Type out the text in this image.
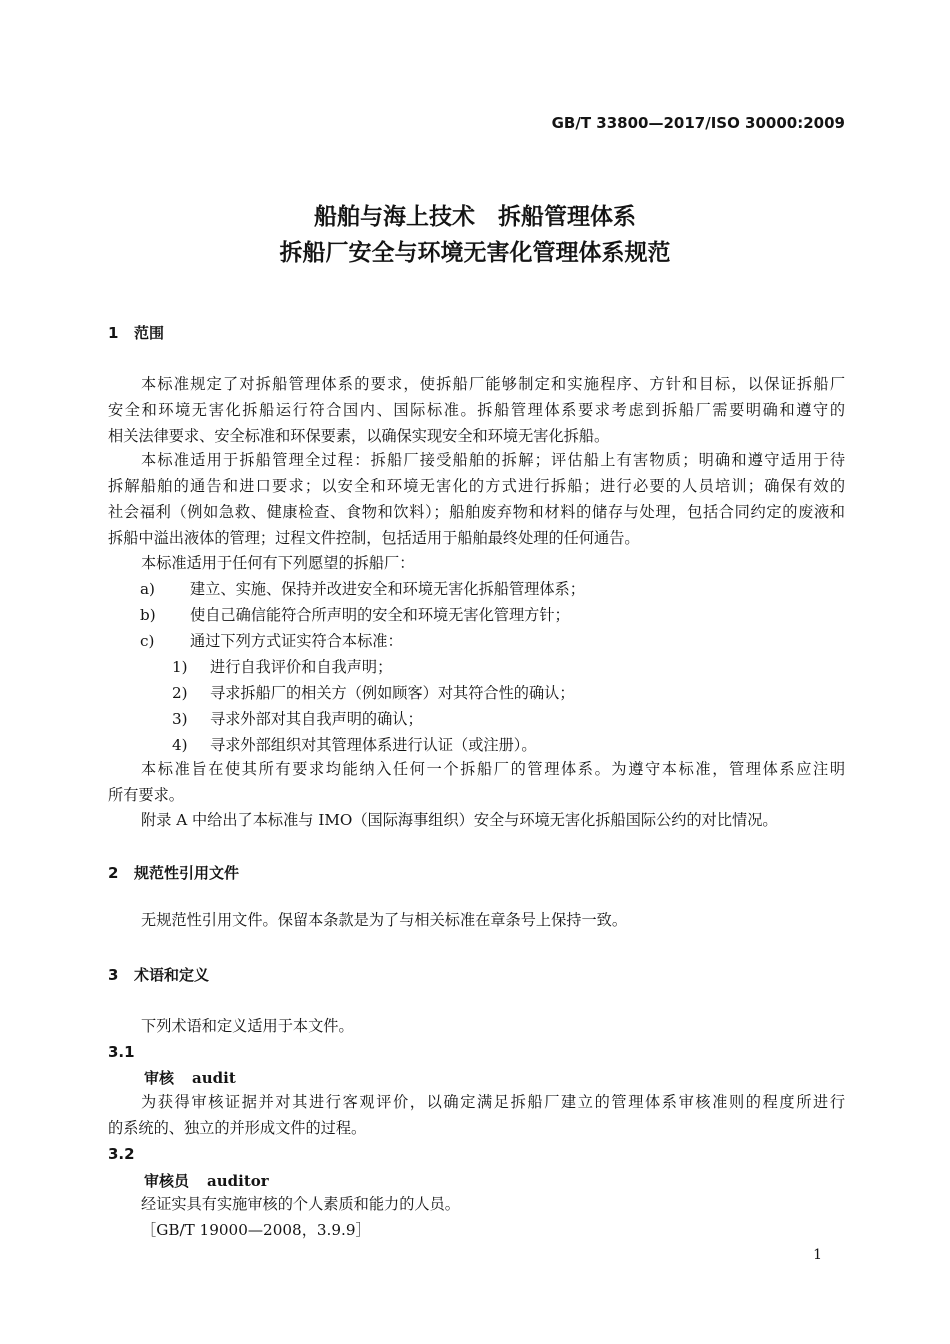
GB/T 33800—2017/ISO 30000:2009
船舶与海上技术　拆船管理体系
拆船厂安全与环境无害化管理体系规范
1 范围
本标准规定了对拆船管理体系的要求，使拆船厂能够制定和实施程序、方针和目标，以保证拆船厂
安全和环境无害化拆船运行符合国内、国际标准。拆船管理体系要求考虑到拆船厂需要明确和遵守的
相关法律要求、安全标准和环保要素，以确保实现安全和环境无害化拆船。
本标准适用于拆船管理全过程：拆船厂接受船舶的拆解；评估船上有害物质；明确和遵守适用于待
拆解船舶的通告和进口要求；以安全和环境无害化的方式进行拆船；进行必要的人员培训；确保有效的
社会福利（例如急救、健康检查、食物和饮料）；船舶废弃物和材料的储存与处理，包括合同约定的废液和
拆船中溢出液体的管理；过程文件控制，包括适用于船舶最终处理的任何通告。
本标准适用于任何有下列愿望的拆船厂：
a) 建立、实施、保持并改进安全和环境无害化拆船管理体系；
b) 使自己确信能符合所声明的安全和环境无害化管理方针；
c) 通过下列方式证实符合本标准：
1) 进行自我评价和自我声明；
2) 寻求拆船厂的相关方（例如顾客）对其符合性的确认；
3) 寻求外部对其自我声明的确认；
4) 寻求外部组织对其管理体系进行认证（或注册）。
本标准旨在使其所有要求均能纳入任何一个拆船厂的管理体系。为遵守本标准，管理体系应注明
所有要求。
附录 A 中给出了本标准与 IMO（国际海事组织）安全与环境无害化拆船国际公约的对比情况。
2 规范性引用文件
无规范性引用文件。保留本条款是为了与相关标准在章条号上保持一致。
3 术语和定义
下列术语和定义适用于本文件。
3.1
审核 audit
为获得审核证据并对其进行客观评价，以确定满足拆船厂建立的管理体系审核准则的程度所进行
的系统的、独立的并形成文件的过程。
3.2
审核员 auditor
经证实具有实施审核的个人素质和能力的人员。
［GB/T 19000—2008，3.9.9］
1
